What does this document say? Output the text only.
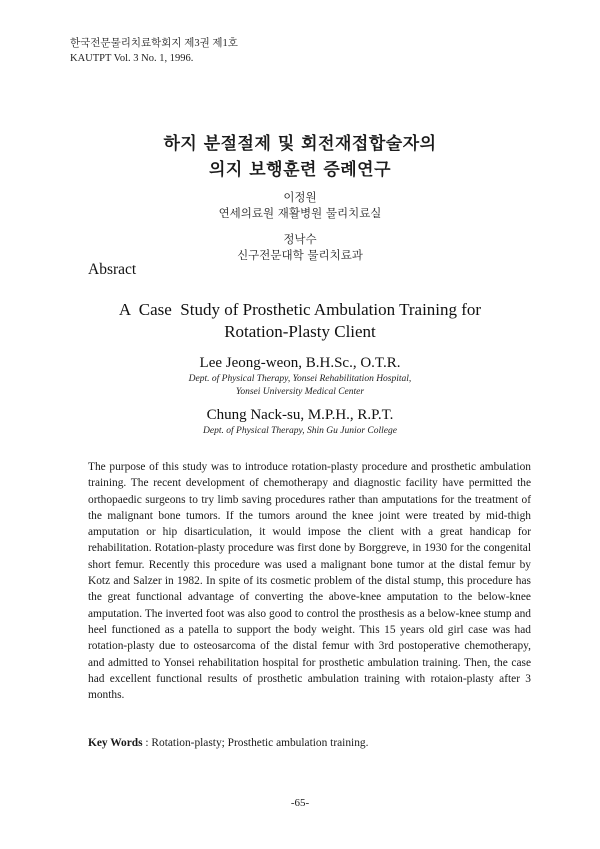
한국전문물리치료학회지 제3권 제1호
KAUTPT Vol. 3 No. 1, 1996.
하지 분절절제 및 회전재접합술자의
의지 보행훈련 증례연구
이정원
연세의료원 재활병원 물리치료실
정낙수
신구전문대학 물리치료과
Absract
A  Case  Study of Prosthetic Ambulation Training for
Rotation-Plasty Client
Lee Jeong-weon, B.H.Sc., O.T.R.
Dept. of Physical Therapy, Yonsei Rehabilitation Hospital,
Yonsei University Medical Center
Chung Nack-su, M.P.H., R.P.T.
Dept. of Physical Therapy, Shin Gu Junior College
The purpose of this study was to introduce rotation-plasty procedure and prosthetic ambulation training. The recent development of chemotherapy and diagnostic facility have permitted the orthopaedic surgeons to try limb saving procedures rather than amputations for the treatment of the malignant bone tumors. If the tumors around the knee joint were treated by mid-thigh amputation or hip disarticulation, it would impose the client with a great handicap for rehabilitation. Rotation-plasty procedure was first done by Borggreve, in 1930 for the congenital short femur. Recently this procedure was used a malignant bone tumor at the distal femur by Kotz and Salzer in 1982. In spite of its cosmetic problem of the distal stump, this procedure has the great functional advantage of converting the above-knee amputation to the below-knee amputation. The inverted foot was also good to control the prosthesis as a below-knee stump and heel functioned as a patella to support the body weight. This 15 years old girl case was had rotation-plasty due to osteosarcoma of the distal femur with 3rd postoperative chemotherapy, and admitted to Yonsei rehabilitation hospital for prosthetic ambulation training. Then, the case had excellent functional results of prosthetic ambulation training with rotaion-plasty after 3 months.
Key Words : Rotation-plasty; Prosthetic ambulation training.
-65-
